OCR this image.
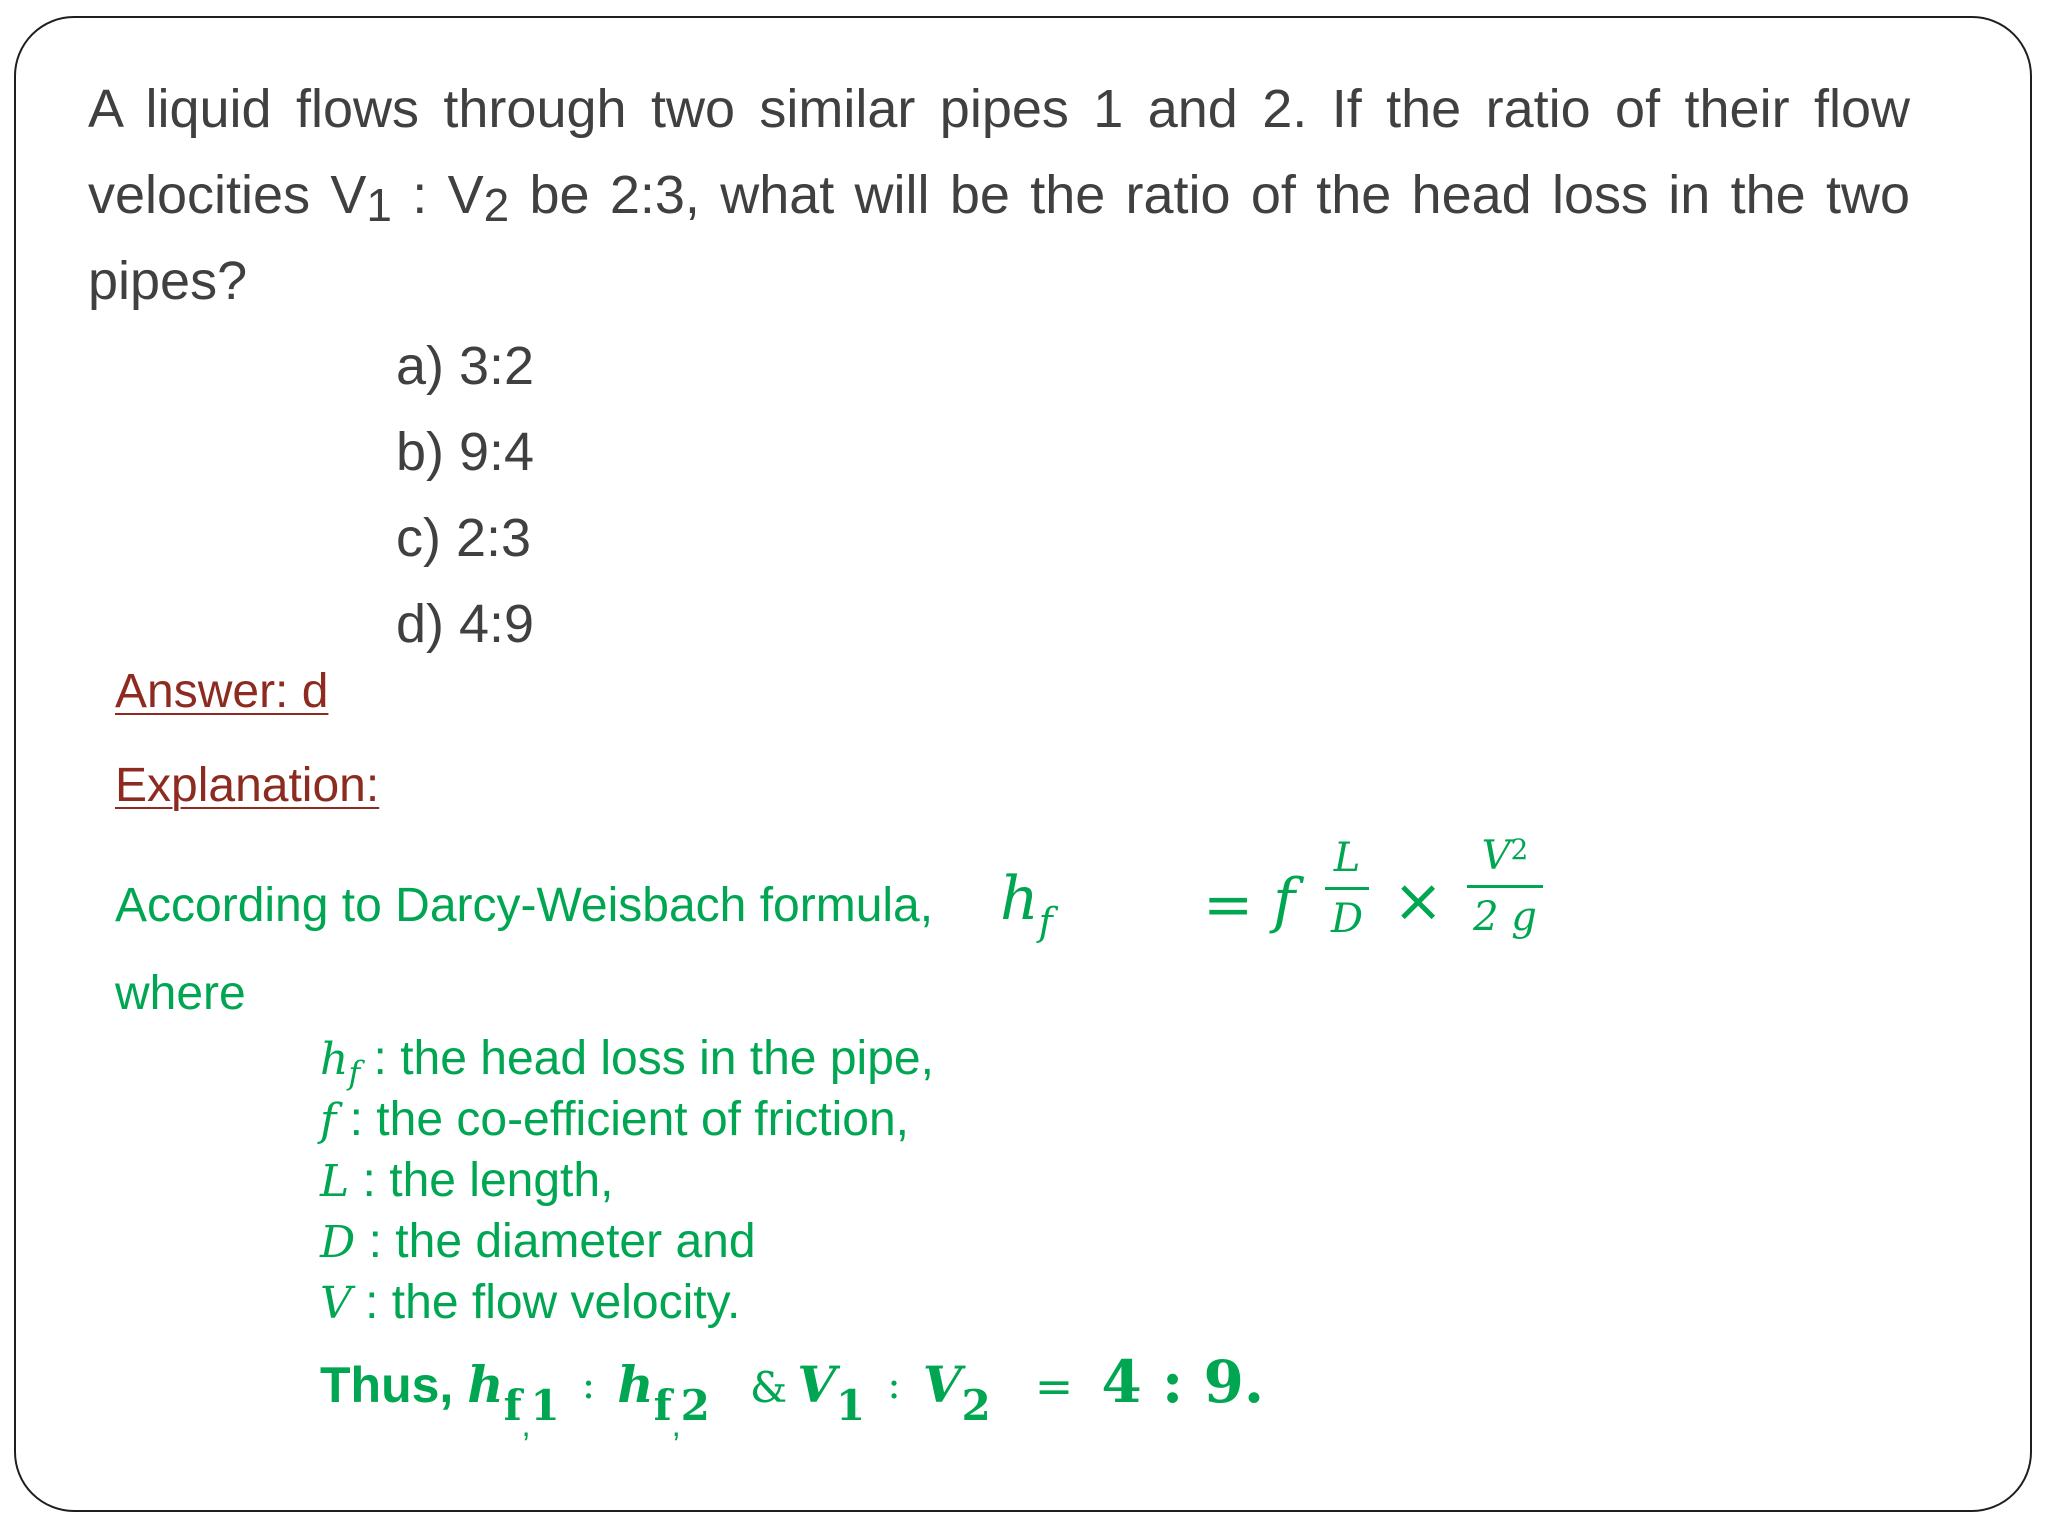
A liquid flows through two similar pipes 1 and 2. If the ratio of their flow velocities $V_1$ : $V_2$ be 2:3, what will be the ratio of the head loss in the two pipes?
a) 3:2
b) 9:4
c) 2:3
d) 4:9
Answer: d
Explanation:
According to Darcy-Weisbach formula, $h_f$	= f
L
D ×
$V^2$
2 g
where
$h_f$ : the head loss in the pipe,
f : the co-efficient of friction,
L : the length,
D : the diameter and
V : the flow velocity.
Thus, $h_{f,1}$ : $h_{f,2}$ & $V_1$ : $V_2 = 4$ : 9.
